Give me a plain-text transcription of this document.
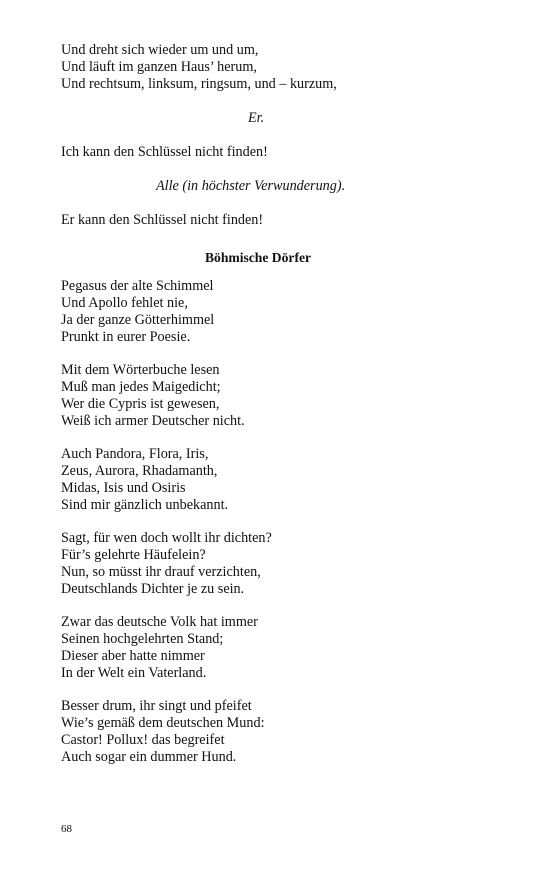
Und dreht sich wieder um und um,
Und läuft im ganzen Haus’ herum,
Und rechtsum, linksum, ringsum, und – kurzum,
Er.
Ich kann den Schlüssel nicht finden!
Alle (in höchster Verwunderung).
Er kann den Schlüssel nicht finden!
Böhmische Dörfer
Pegasus der alte Schimmel
Und Apollo fehlet nie,
Ja der ganze Götterhimmel
Prunkt in eurer Poesie.
Mit dem Wörterbuche lesen
Muß man jedes Maigedicht;
Wer die Cypris ist gewesen,
Weiß ich armer Deutscher nicht.
Auch Pandora, Flora, Iris,
Zeus, Aurora, Rhadamanth,
Midas, Isis und Osiris
Sind mir gänzlich unbekannt.
Sagt, für wen doch wollt ihr dichten?
Für’s gelehrte Häufelein?
Nun, so müsst ihr drauf verzichten,
Deutschlands Dichter je zu sein.
Zwar das deutsche Volk hat immer
Seinen hochgelehrten Stand;
Dieser aber hatte nimmer
In der Welt ein Vaterland.
Besser drum, ihr singt und pfeifet
Wie’s gemäß dem deutschen Mund:
Castor! Pollux! das begreifet
Auch sogar ein dummer Hund.
68
